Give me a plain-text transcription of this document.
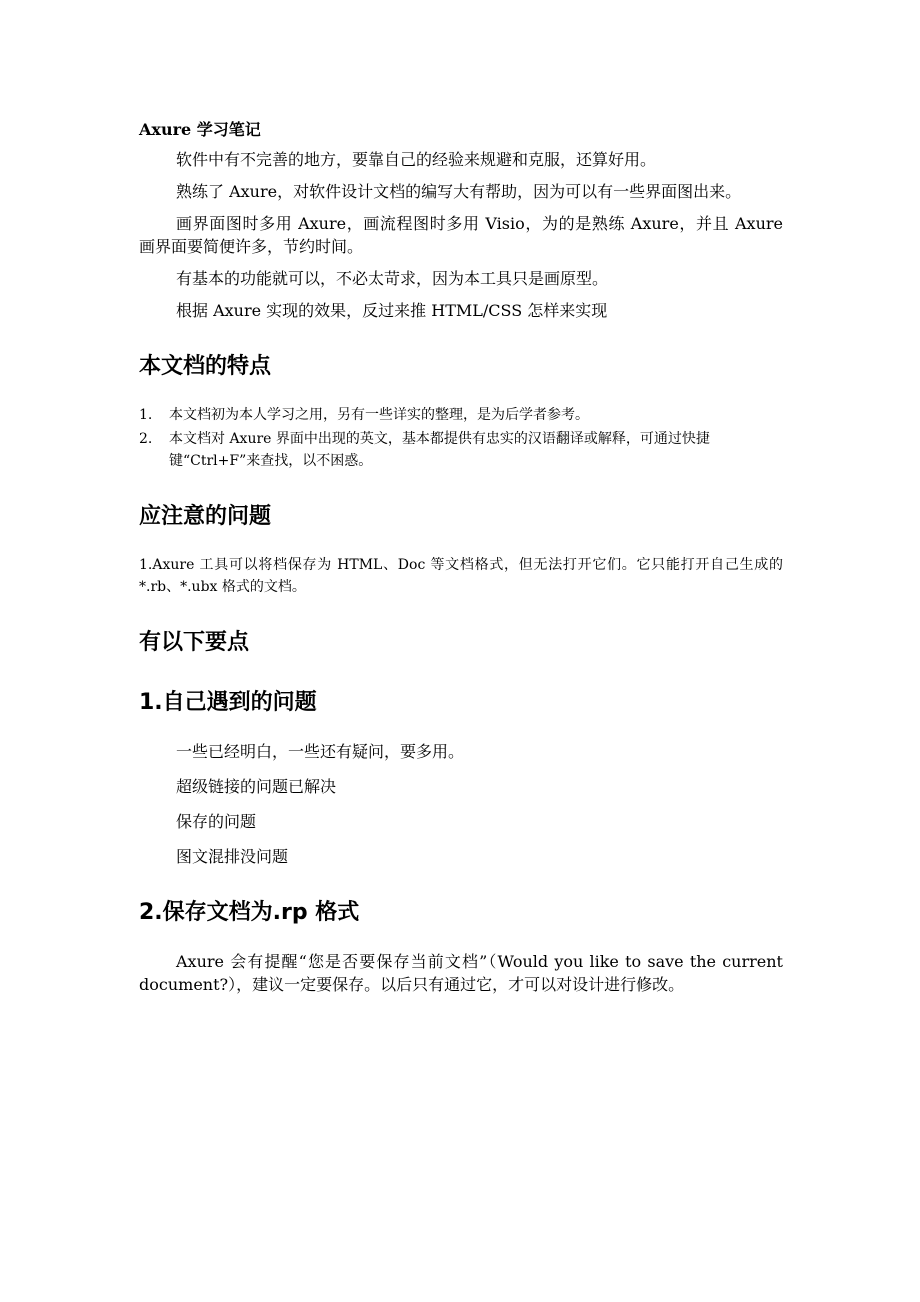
Axure 学习笔记

软件中有不完善的地方，要靠自己的经验来规避和克服，还算好用。

熟练了 Axure，对软件设计文档的编写大有帮助，因为可以有一些界面图出来。

画界面图时多用 Axure，画流程图时多用 Visio，为的是熟练 Axure，并且 Axure 画界面要简便许多，节约时间。

有基本的功能就可以，不必太苛求，因为本工具只是画原型。

根据 Axure 实现的效果，反过来推 HTML/CSS 怎样来实现

本文档的特点
1. 本文档初为本人学习之用，另有一些详实的整理，是为后学者参考。
2. 本文档对 Axure 界面中出现的英文，基本都提供有忠实的汉语翻译或解释，可通过快捷键“Ctrl+F”来查找，以不困惑。
应注意的问题

1.Axure 工具可以将档保存为 HTML、Doc 等文档格式，但无法打开它们。它只能打开自己生成的*.rb、*.ubx 格式的文档。

有以下要点
1.自己遇到的问题
一些已经明白，一些还有疑问，要多用。
超级链接的问题已解决
保存的问题
图文混排没问题
2.保存文档为.rp 格式

Axure 会有提醒“您是否要保存当前文档”（Would you like to save the current document?），建议一定要保存。以后只有通过它，才可以对设计进行修改。
